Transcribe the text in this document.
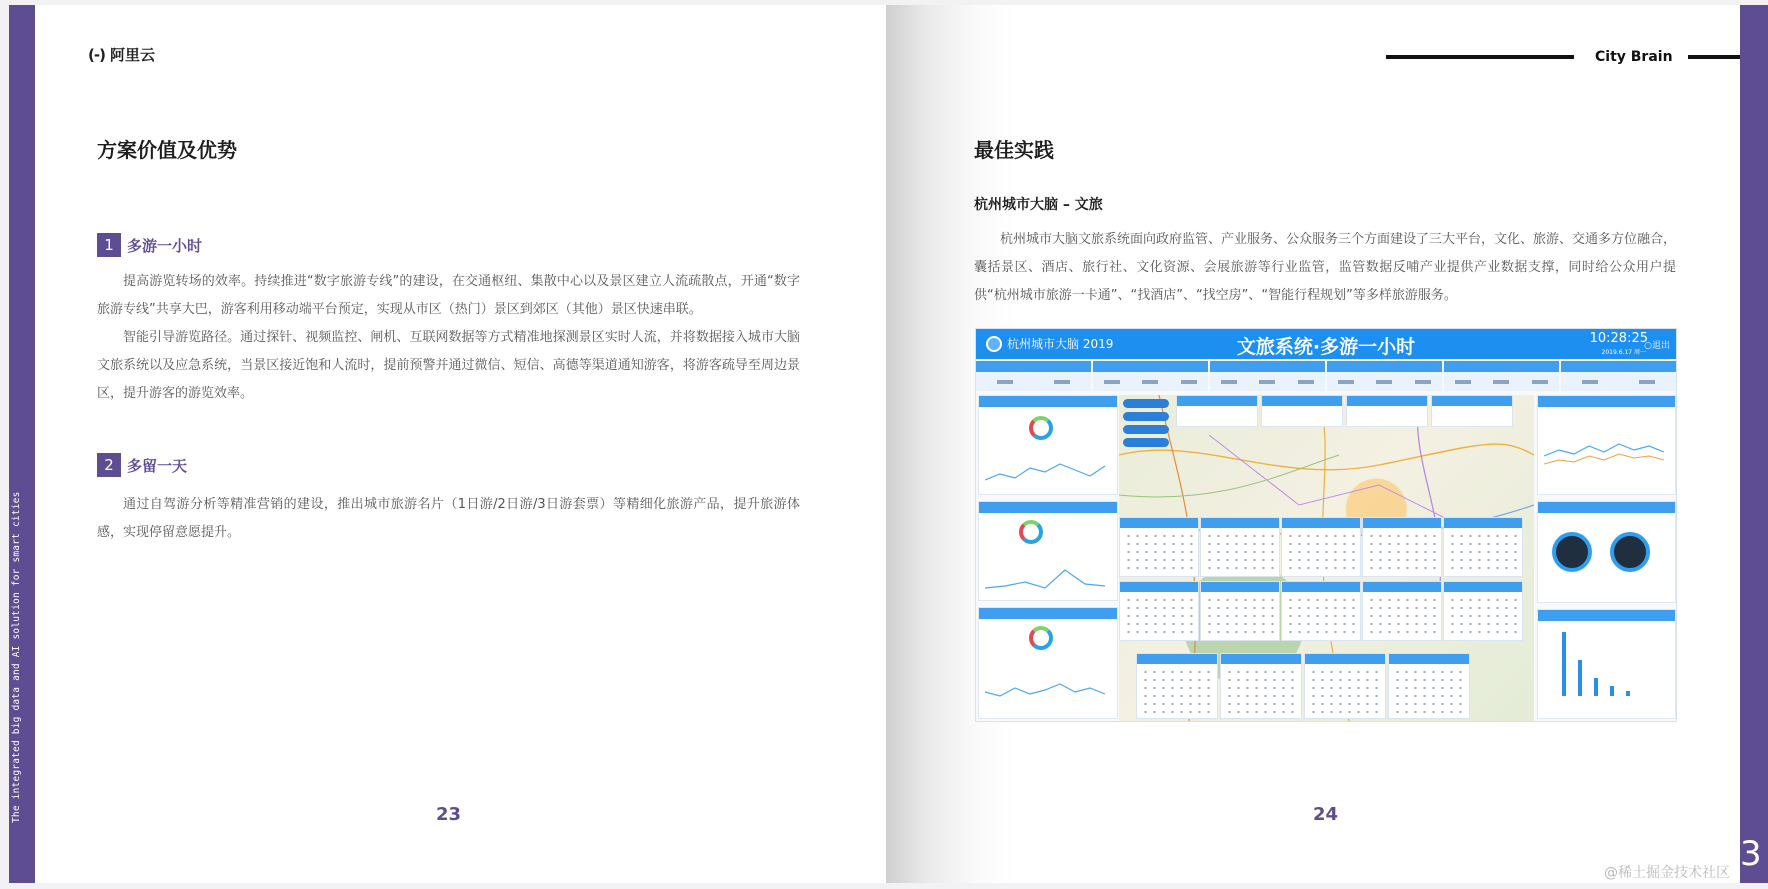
The integrated big data and AI solution for smart cities
(-) 阿里云
方案价值及优势
1 多游一小时

提高游览转场的效率。持续推进“数字旅游专线”的建设，在交通枢纽、集散中心以及景区建立人流疏散点，开通“数字旅游专线”共享大巴，游客利用移动端平台预定，实现从市区（热门）景区到郊区（其他）景区快速串联。

智能引导游览路径。通过探针、视频监控、闸机、互联网数据等方式精准地探测景区实时人流，并将数据接入城市大脑文旅系统以及应急系统，当景区接近饱和人流时，提前预警并通过微信、短信、高德等渠道通知游客，将游客疏导至周边景区，提升游客的游览效率。

2 多留一天

通过自驾游分析等精准营销的建设，推出城市旅游名片（1日游/2日游/3日游套票）等精细化旅游产品，提升旅游体感，实现停留意愿提升。

23
City Brain
最佳实践
杭州城市大脑 – 文旅

杭州城市大脑文旅系统面向政府监管、产业服务、公众服务三个方面建设了三大平台，文化、旅游、交通多方位融合，囊括景区、酒店、旅行社、文化资源、会展旅游等行业监管，监管数据反哺产业提供产业数据支撑，同时给公众用户提供“杭州城市旅游一卡通”、“找酒店”、“找空房”、“智能行程规划”等多样旅游服务。

杭州城市大脑 2019	文旅系统·多游一小时	10:28:25
2019.6.17 周一
○退出
24
@稀土掘金技术社区 3
